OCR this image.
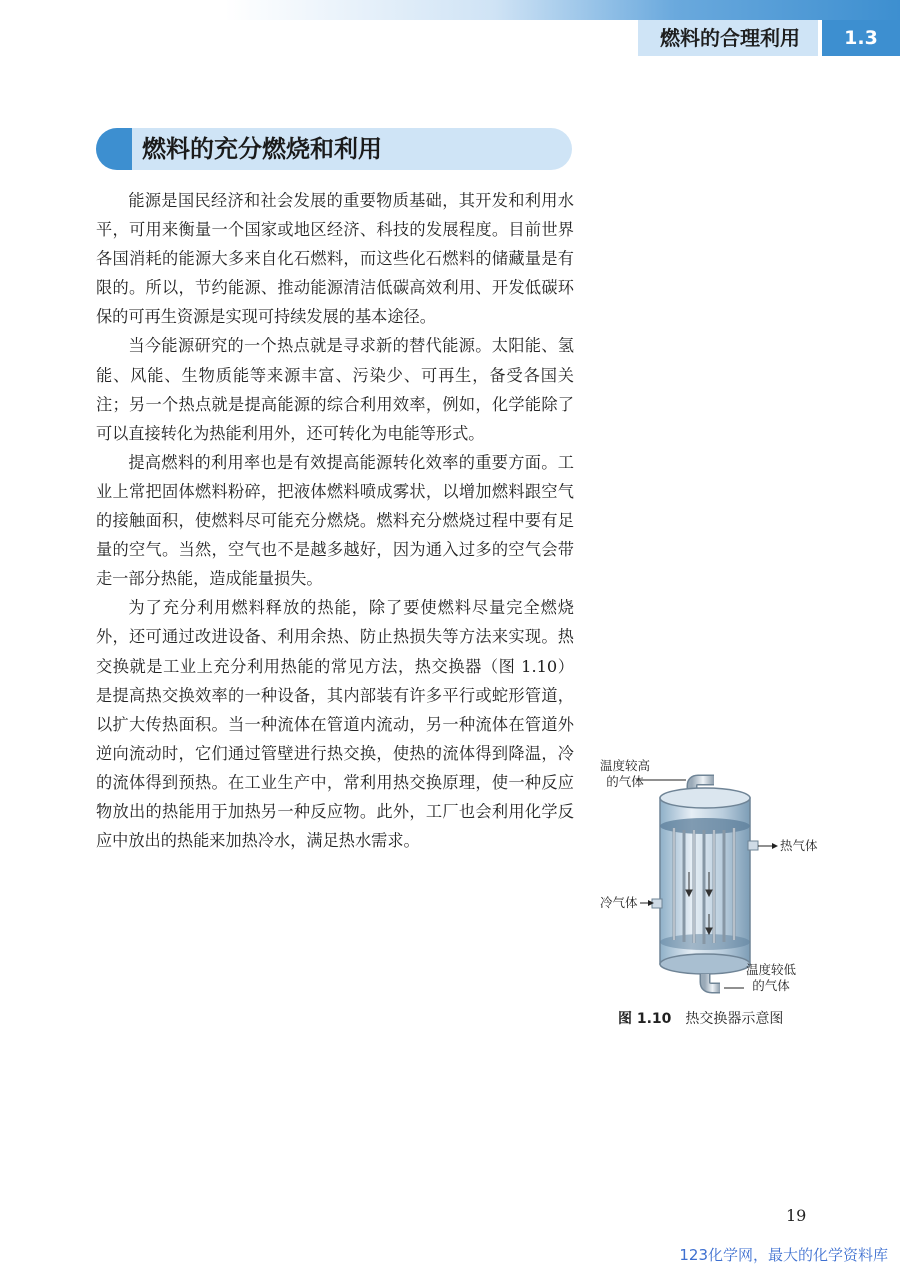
燃料的合理利用	1.3
燃料的充分燃烧和利用

能源是国民经济和社会发展的重要物质基础，其开发和利用水平，可用来衡量一个国家或地区经济、科技的发展程度。目前世界各国消耗的能源大多来自化石燃料，而这些化石燃料的储藏量是有限的。所以，节约能源、推动能源清洁低碳高效利用、开发低碳环保的可再生资源是实现可持续发展的基本途径。

当今能源研究的一个热点就是寻求新的替代能源。太阳能、氢能、风能、生物质能等来源丰富、污染少、可再生，备受各国关注；另一个热点就是提高能源的综合利用效率，例如，化学能除了可以直接转化为热能利用外，还可转化为电能等形式。

提高燃料的利用率也是有效提高能源转化效率的重要方面。工业上常把固体燃料粉碎，把液体燃料喷成雾状，以增加燃料跟空气的接触面积，使燃料尽可能充分燃烧。燃料充分燃烧过程中要有足量的空气。当然，空气也不是越多越好，因为通入过多的空气会带走一部分热能，造成能量损失。

为了充分利用燃料释放的热能，除了要使燃料尽量完全燃烧外，还可通过改进设备、利用余热、防止热损失等方法来实现。热交换就是工业上充分利用热能的常见方法，热交换器（图 1.10）是提高热交换效率的一种设备，其内部装有许多平行或蛇形管道，以扩大传热面积。当一种流体在管道内流动，另一种流体在管道外逆向流动时，它们通过管壁进行热交换，使热的流体得到降温，冷的流体得到预热。在工业生产中，常利用热交换原理，使一种反应物放出的热能用于加热另一种反应物。此外，工厂也会利用化学反应中放出的热能来加热冷水，满足热水需求。

温度较高
的气体
热气体
冷气体
温度较低
的气体
图 1.10 热交换器示意图
19
123化学网，最大的化学资料库
